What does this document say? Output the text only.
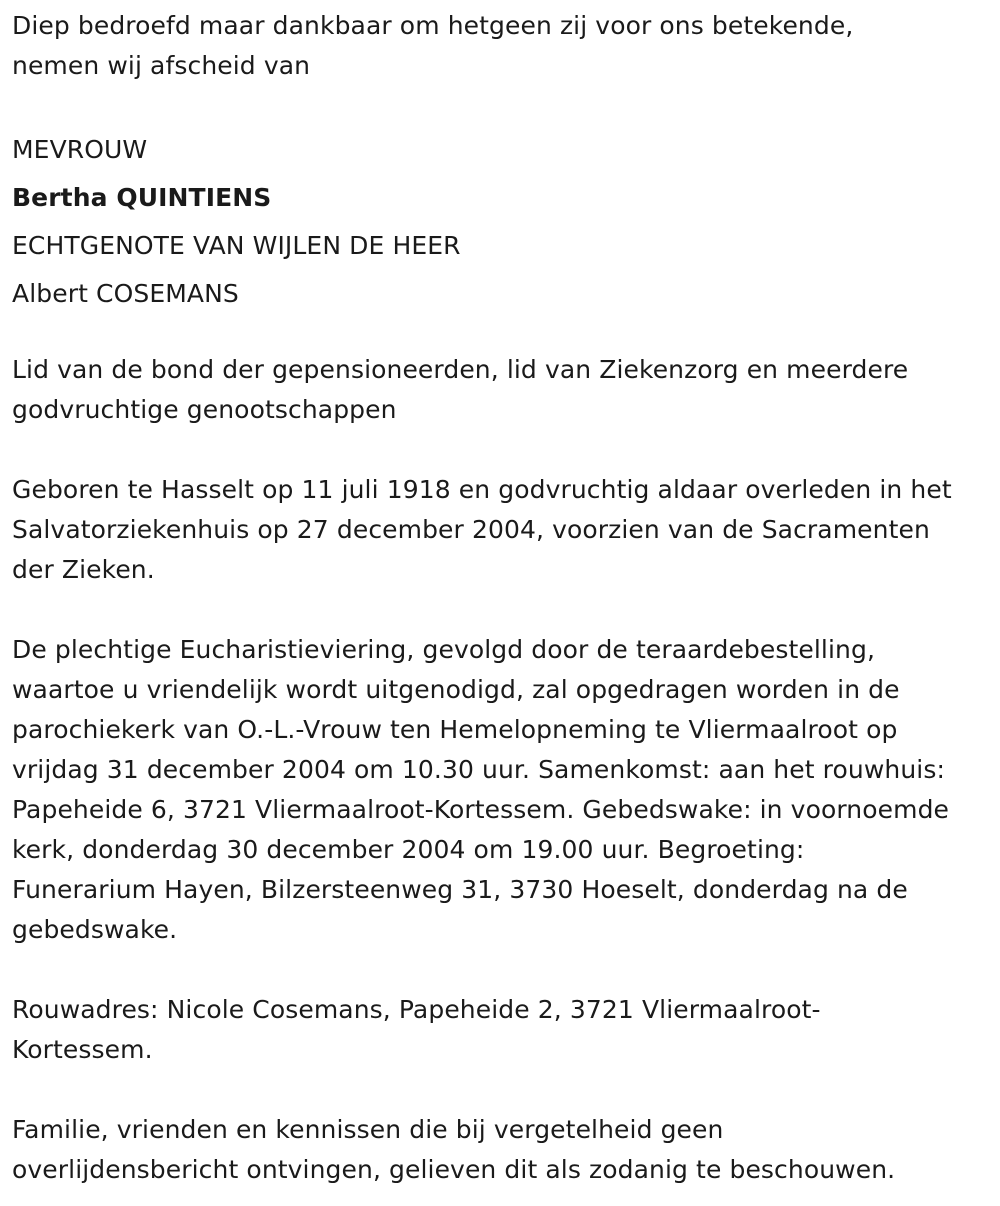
Diep bedroefd maar dankbaar om hetgeen zij voor ons betekende,

nemen wij afscheid van

MEVROUW

Bertha QUINTIENS

ECHTGENOTE VAN WIJLEN DE HEER

Albert COSEMANS

Lid van de bond der gepensioneerden, lid van Ziekenzorg en meerdere

godvruchtige genootschappen

Geboren te Hasselt op 11 juli 1918 en godvruchtig aldaar overleden in het

Salvatorziekenhuis op 27 december 2004, voorzien van de Sacramenten

der Zieken.

De plechtige Eucharistieviering, gevolgd door de teraardebestelling,

waartoe u vriendelijk wordt uitgenodigd, zal opgedragen worden in de

parochiekerk van O.-L.-Vrouw ten Hemelopneming te Vliermaalroot op

vrijdag 31 december 2004 om 10.30 uur. Samenkomst: aan het rouwhuis:

Papeheide 6, 3721 Vliermaalroot-Kortessem. Gebedswake: in voornoemde

kerk, donderdag 30 december 2004 om 19.00 uur. Begroeting:

Funerarium Hayen, Bilzersteenweg 31, 3730 Hoeselt, donderdag na de

gebedswake.

Rouwadres: Nicole Cosemans, Papeheide 2, 3721 Vliermaalroot-

Kortessem.

Familie, vrienden en kennissen die bij vergetelheid geen

overlijdensbericht ontvingen, gelieven dit als zodanig te beschouwen.
